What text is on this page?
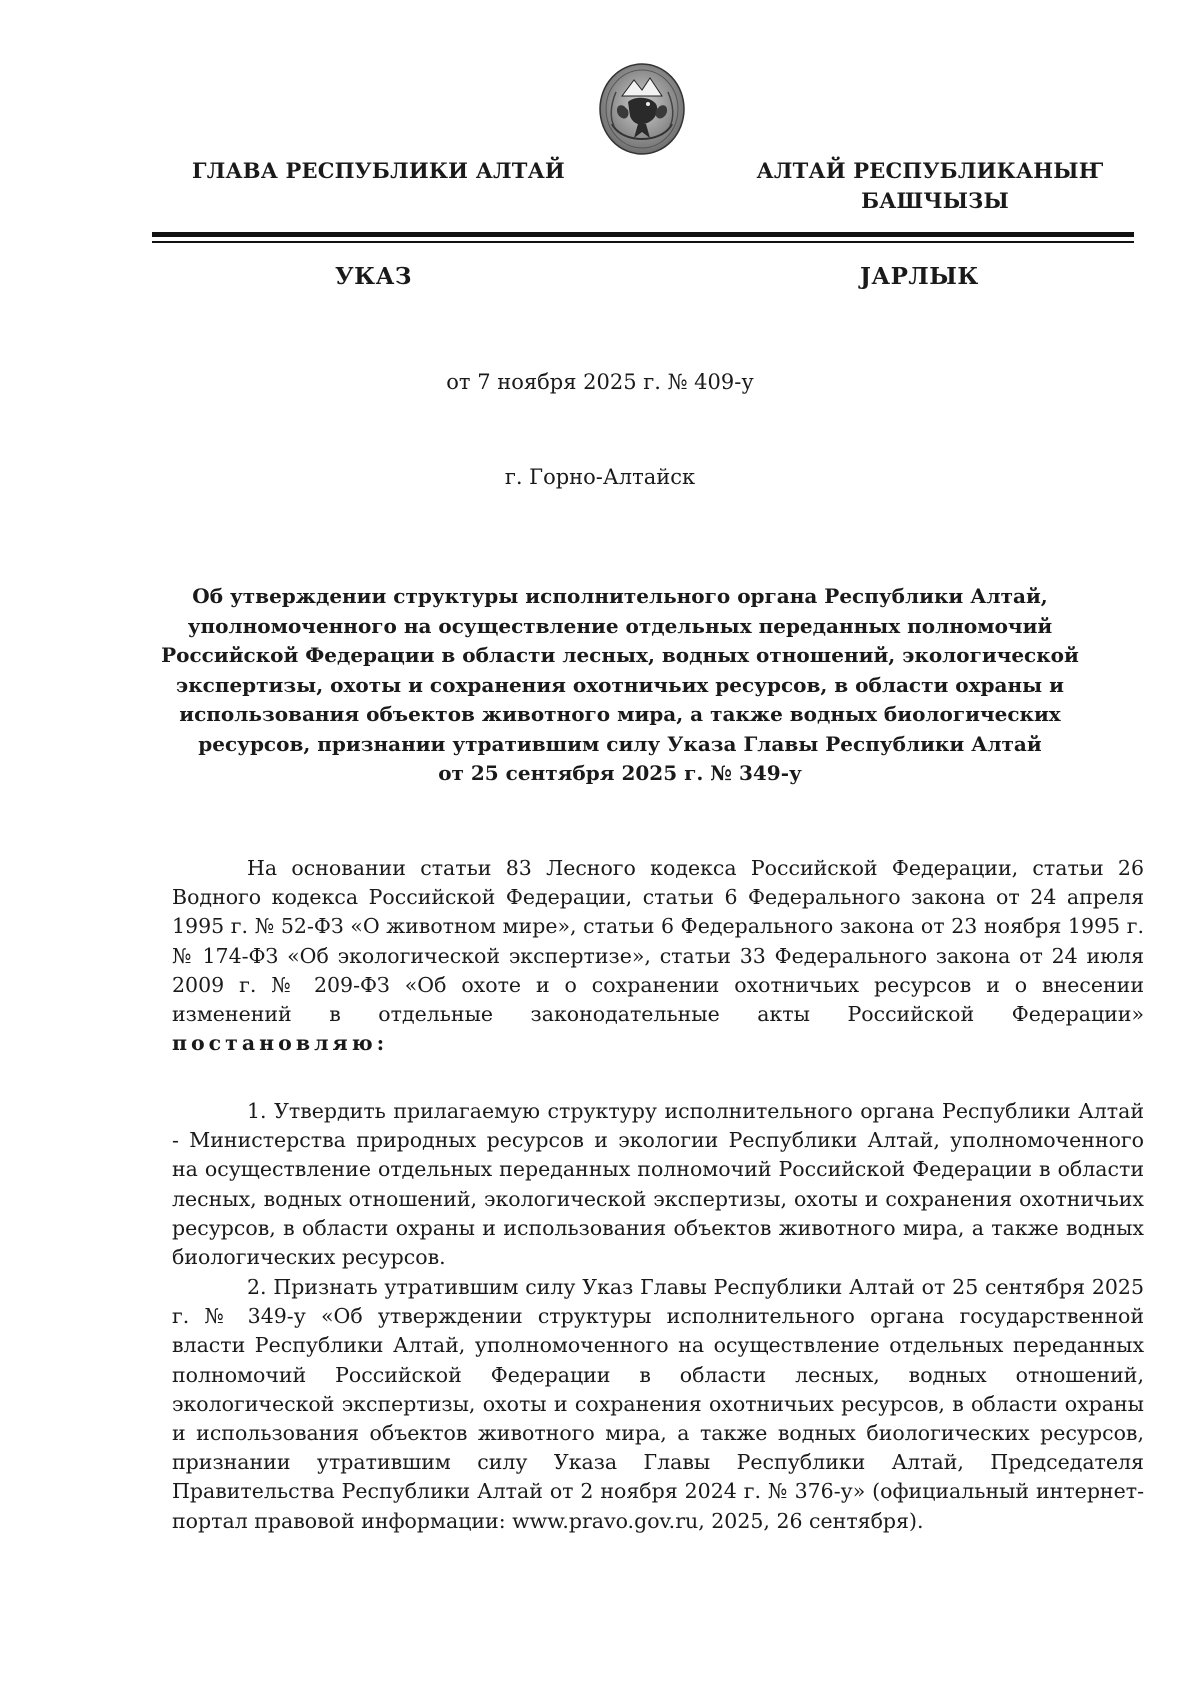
ГЛАВА РЕСПУБЛИКИ АЛТАЙ	АЛТАЙ РЕСПУБЛИКАНЫҤ
БАШЧЫЗЫ
УКАЗ	ЈАРЛЫК
от 7 ноября 2025 г. № 409-у
г. Горно-Алтайск
Об утверждении структуры исполнительного органа Республики Алтай,
уполномоченного на осуществление отдельных переданных полномочий
Российской Федерации в области лесных, водных отношений, экологической
экспертизы, охоты и сохранения охотничьих ресурсов, в области охраны и
использования объектов животного мира, а также водных биологических
ресурсов, признании утратившим силу Указа Главы Республики Алтай
от 25 сентября 2025 г. № 349-у
На основании статьи 83 Лесного кодекса Российской Федерации, статьи 26 Водного кодекса Российской Федерации, статьи 6 Федерального закона от 24 апреля 1995 г. № 52-ФЗ «О животном мире», статьи 6 Федерального закона от 23 ноября 1995 г. № 174-ФЗ «Об экологической экспертизе», статьи 33 Федерального закона от 24 июля 2009 г. № 209-ФЗ «Об охоте и о сохранении охотничьих ресурсов и о внесении изменений в отдельные законодательные акты Российской Федерации» постановляю:
1. Утвердить прилагаемую структуру исполнительного органа Республики Алтай - Министерства природных ресурсов и экологии Республики Алтай, уполномоченного на осуществление отдельных переданных полномочий Российской Федерации в области лесных, водных отношений, экологической экспертизы, охоты и сохранения охотничьих ресурсов, в области охраны и использования объектов животного мира, а также водных биологических ресурсов.
2. Признать утратившим силу Указ Главы Республики Алтай от 25 сентября 2025 г. № 349-у «Об утверждении структуры исполнительного органа государственной власти Республики Алтай, уполномоченного на осуществление отдельных переданных полномочий Российской Федерации в области лесных, водных отношений, экологической экспертизы, охоты и сохранения охотничьих ресурсов, в области охраны и использования объектов животного мира, а также водных биологических ресурсов, признании утратившим силу Указа Главы Республики Алтай, Председателя Правительства Республики Алтай от 2 ноября 2024 г. № 376-у» (официальный интернет-портал правовой информации: www.pravo.gov.ru, 2025, 26 сентября).
